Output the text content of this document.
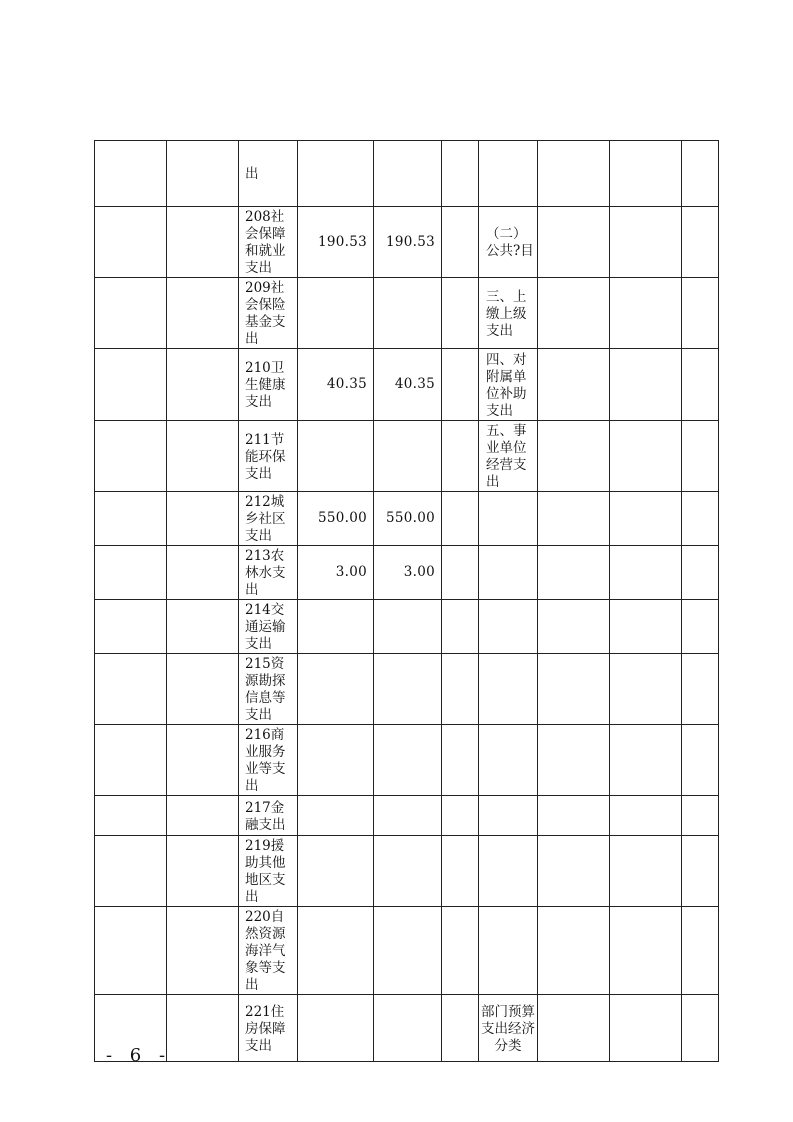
		出							
		208社会保障和就业支出	190.53	190.53		（二）公共?目			
		209社会保险基金支出				三、上缴上级支出			
		210卫生健康支出	40.35	40.35		四、对附属单位补助支出			
		211节能环保支出				五、事业单位经营支出			
		212城乡社区支出	550.00	550.00					
		213农林水支出	3.00	3.00					
		214交通运输支出							
		215资源勘探信息等支出							
		216商业服务业等支出							
		217金融支出							
		219援助其他地区支出							
		220自然资源海洋气象等支出							
		221住房保障支出				部门预算支出经济分类			
- 6 -
